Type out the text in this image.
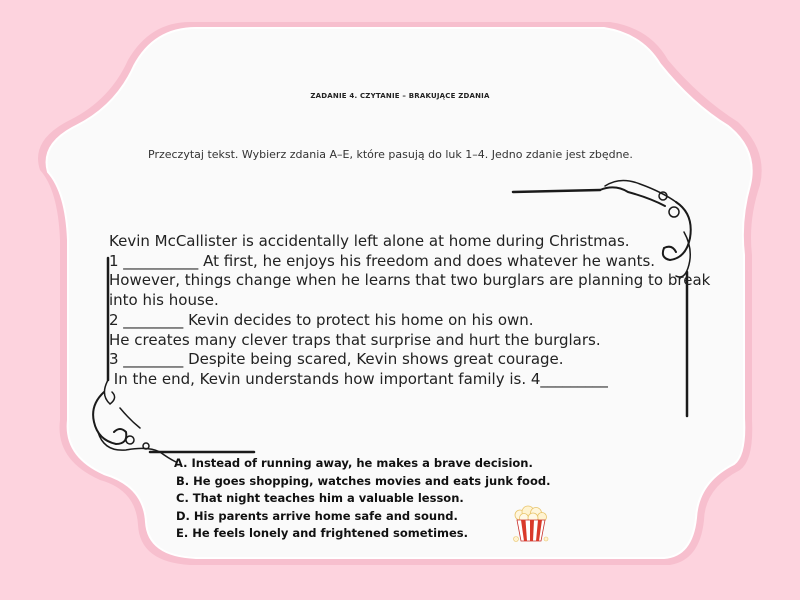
ZADANIE 4. CZYTANIE – BRAKUJĄCE ZDANIA
Przeczytaj tekst. Wybierz zdania A–E, które pasują do luk 1–4. Jedno zdanie jest zbędne.

Kevin McCallister is accidentally left alone at home during Christmas.

1 __________ At first, he enjoys his freedom and does whatever he wants.

However, things change when he learns that two burglars are planning to break

into his house.

2 ________ Kevin decides to protect his home on his own.

He creates many clever traps that surprise and hurt the burglars.

3 ________ Despite being scared, Kevin shows great courage.

In the end, Kevin understands how important family is. 4_________

A. Instead of running away, he makes a brave decision.
B. He goes shopping, watches movies and eats junk food.
C. That night teaches him a valuable lesson.
D. His parents arrive home safe and sound.
E. He feels lonely and frightened sometimes.
